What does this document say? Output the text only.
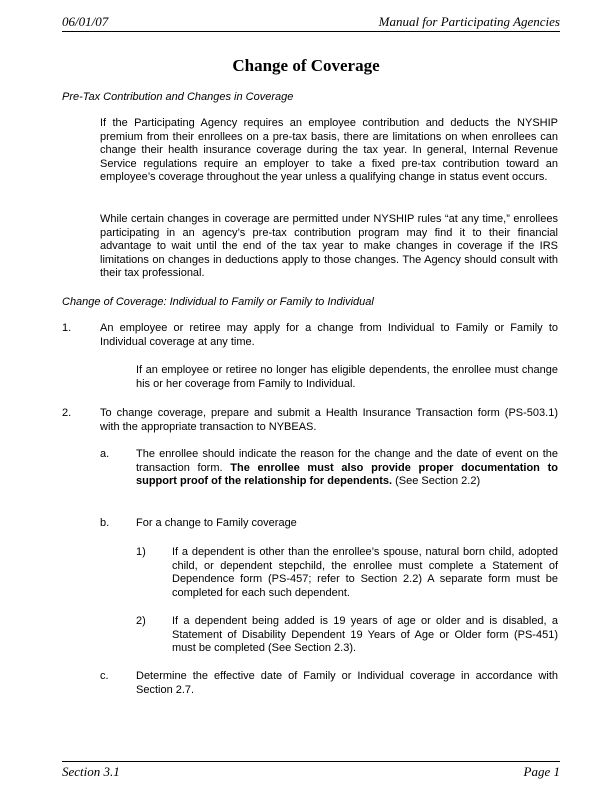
06/01/07	Manual for Participating Agencies
Change of Coverage
Pre-Tax Contribution and Changes in Coverage

If the Participating Agency requires an employee contribution and deducts the NYSHIP premium from their enrollees on a pre-tax basis, there are limitations on when enrollees can change their health insurance coverage during the tax year. In general, Internal Revenue Service regulations require an employer to take a fixed pre-tax contribution toward an employee’s coverage throughout the year unless a qualifying change in status event occurs.

While certain changes in coverage are permitted under NYSHIP rules “at any time,” enrollees participating in an agency’s pre-tax contribution program may find it to their financial advantage to wait until the end of the tax year to make changes in coverage if the IRS limitations on changes in deductions apply to those changes. The Agency should consult with their tax professional.

Change of Coverage: Individual to Family or Family to Individual
1.	An employee or retiree may apply for a change from Individual to Family or Family to Individual coverage at any time.

If an employee or retiree no longer has eligible dependents, the enrollee must change his or her coverage from Family to Individual.

2.	To change coverage, prepare and submit a Health Insurance Transaction form (PS-503.1) with the appropriate transaction to NYBEAS.

a. The enrollee should indicate the reason for the change and the date of event on the transaction form. The enrollee must also provide proper documentation to support proof of the relationship for dependents. (See Section 2.2)

b. For a change to Family coverage

1) If a dependent is other than the enrollee’s spouse, natural born child, adopted child, or dependent stepchild, the enrollee must complete a Statement of Dependence form (PS-457; refer to Section 2.2) A separate form must be completed for each such dependent.

2) If a dependent being added is 19 years of age or older and is disabled, a Statement of Disability Dependent 19 Years of Age or Older form (PS-451) must be completed (See Section 2.3).

c. Determine the effective date of Family or Individual coverage in accordance with Section 2.7.

Section 3.1	Page 1
